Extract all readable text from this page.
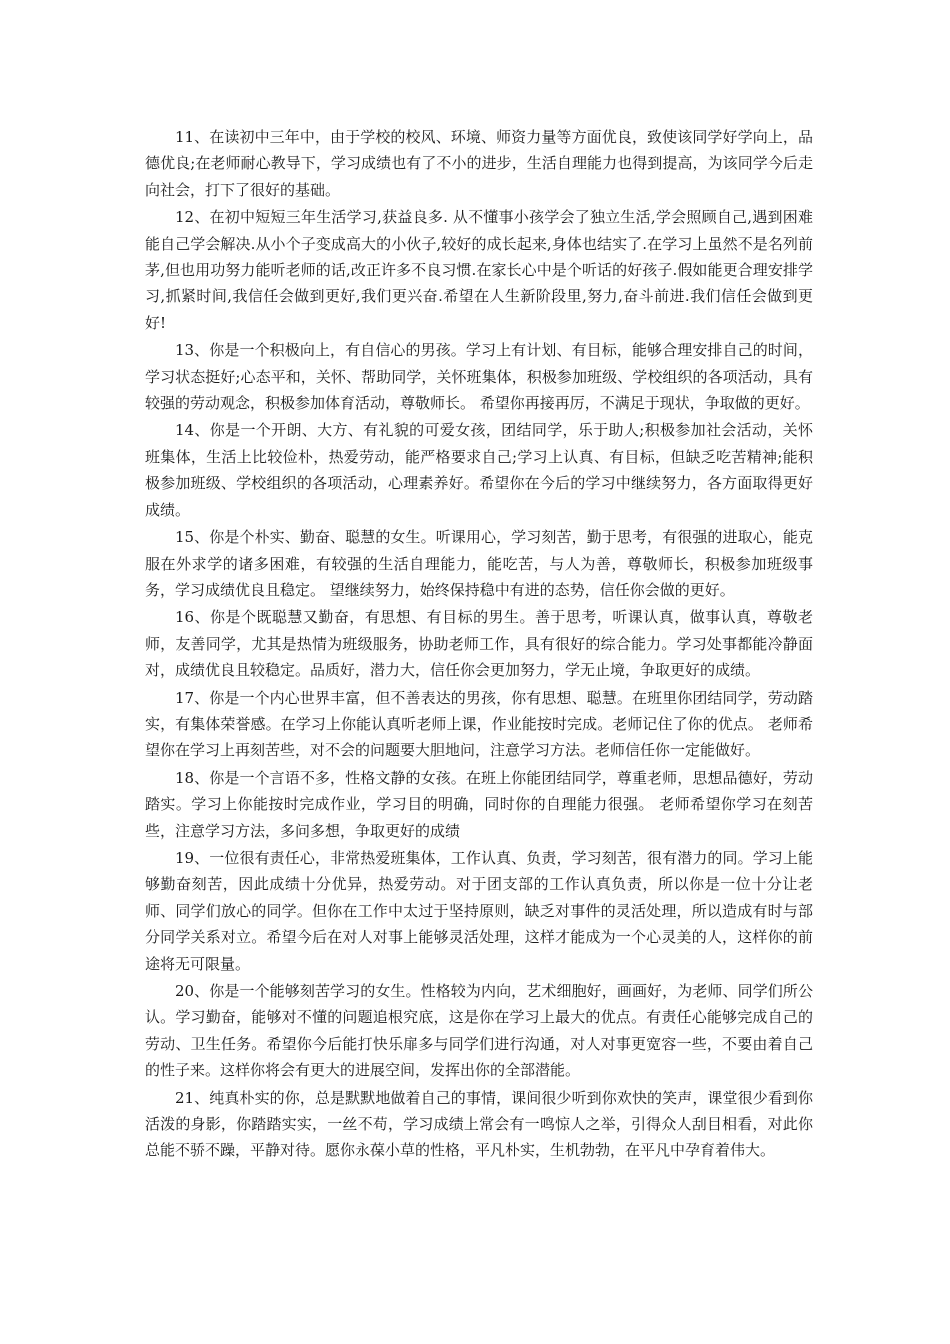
11、在读初中三年中，由于学校的校风、环境、师资力量等方面优良，致使该同学好学向上，品德优良;在老师耐心教导下，学习成绩也有了不小的进步，生活自理能力也得到提高，为该同学今后走向社会，打下了很好的基础。

12、在初中短短三年生活学习,获益良多. 从不懂事小孩学会了独立生活,学会照顾自己,遇到困难能自己学会解决.从小个子变成高大的小伙子,较好的成长起来,身体也结实了.在学习上虽然不是名列前茅,但也用功努力能听老师的话,改正许多不良习惯.在家长心中是个听话的好孩子.假如能更合理安排学习,抓紧时间,我信任会做到更好,我们更兴奋.希望在人生新阶段里,努力,奋斗前进.我们信任会做到更好!

13、你是一个积极向上，有自信心的男孩。学习上有计划、有目标，能够合理安排自己的时间，学习状态挺好;心态平和，关怀、帮助同学，关怀班集体，积极参加班级、学校组织的各项活动，具有较强的劳动观念，积极参加体育活动，尊敬师长。 希望你再接再厉，不满足于现状，争取做的更好。

14、你是一个开朗、大方、有礼貌的可爱女孩，团结同学，乐于助人;积极参加社会活动，关怀班集体，生活上比较俭朴，热爱劳动，能严格要求自己;学习上认真、有目标，但缺乏吃苦精神;能积极参加班级、学校组织的各项活动，心理素养好。希望你在今后的学习中继续努力，各方面取得更好成绩。

15、你是个朴实、勤奋、聪慧的女生。听课用心，学习刻苦，勤于思考，有很强的进取心，能克服在外求学的诸多困难，有较强的生活自理能力，能吃苦，与人为善，尊敬师长，积极参加班级事务，学习成绩优良且稳定。 望继续努力，始终保持稳中有进的态势，信任你会做的更好。

16、你是个既聪慧又勤奋，有思想、有目标的男生。善于思考，听课认真，做事认真，尊敬老师，友善同学，尤其是热情为班级服务，协助老师工作，具有很好的综合能力。学习处事都能冷静面对，成绩优良且较稳定。品质好，潜力大，信任你会更加努力，学无止境，争取更好的成绩。

17、你是一个内心世界丰富，但不善表达的男孩，你有思想、聪慧。在班里你团结同学，劳动踏实，有集体荣誉感。在学习上你能认真听老师上课，作业能按时完成。老师记住了你的优点。 老师希望你在学习上再刻苦些，对不会的问题要大胆地问，注意学习方法。老师信任你一定能做好。

18、你是一个言语不多，性格文静的女孩。在班上你能团结同学，尊重老师，思想品德好，劳动踏实。学习上你能按时完成作业，学习目的明确，同时你的自理能力很强。 老师希望你学习在刻苦些，注意学习方法，多问多想，争取更好的成绩

19、一位很有责任心，非常热爱班集体，工作认真、负责，学习刻苦，很有潜力的同。学习上能够勤奋刻苦，因此成绩十分优异，热爱劳动。对于团支部的工作认真负责，所以你是一位十分让老师、同学们放心的同学。但你在工作中太过于坚持原则，缺乏对事件的灵活处理，所以造成有时与部分同学关系对立。希望今后在对人对事上能够灵活处理，这样才能成为一个心灵美的人，这样你的前途将无可限量。

20、你是一个能够刻苦学习的女生。性格较为内向，艺术细胞好，画画好，为老师、同学们所公认。学习勤奋，能够对不懂的问题追根究底，这是你在学习上最大的优点。有责任心能够完成自己的劳动、卫生任务。希望你今后能打快乐扉多与同学们进行沟通，对人对事更宽容一些，不要由着自己的性子来。这样你将会有更大的进展空间，发挥出你的全部潜能。

21、纯真朴实的你，总是默默地做着自己的事情，课间很少听到你欢快的笑声，课堂很少看到你活泼的身影，你踏踏实实，一丝不苟，学习成绩上常会有一鸣惊人之举，引得众人刮目相看，对此你总能不骄不躁，平静对待。愿你永葆小草的性格，平凡朴实，生机勃勃，在平凡中孕育着伟大。
